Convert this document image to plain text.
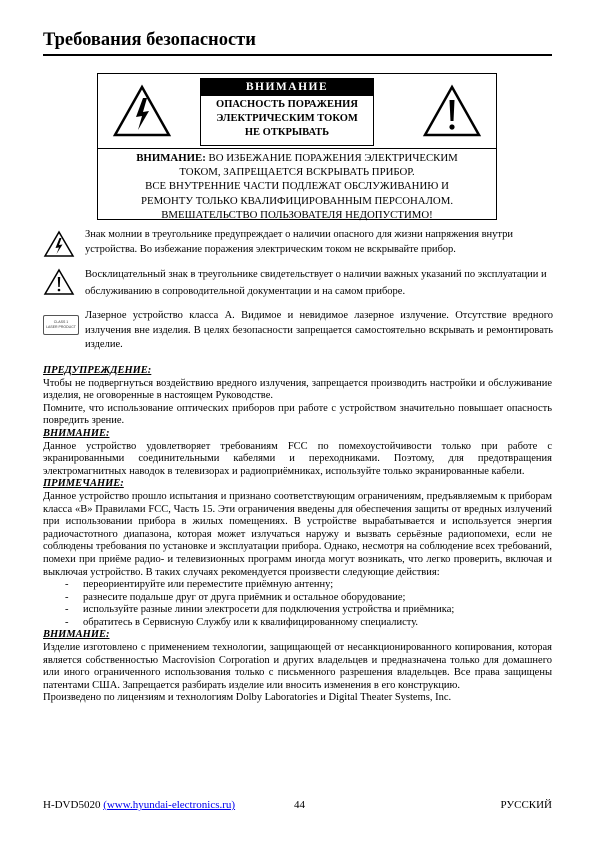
Требования безопасности
ВНИМАНИЕ
ОПАСНОСТЬ ПОРАЖЕНИЯ
ЭЛЕКТРИЧЕСКИМ ТОКОМ
НЕ ОТКРЫВАТЬ
ВНИМАНИЕ: ВО ИЗБЕЖАНИЕ ПОРАЖЕНИЯ ЭЛЕКТРИЧЕСКИМ
ТОКОМ, ЗАПРЕЩАЕТСЯ ВСКРЫВАТЬ ПРИБОР.
ВСЕ ВНУТРЕННИЕ ЧАСТИ ПОДЛЕЖАТ ОБСЛУЖИВАНИЮ И
РЕМОНТУ ТОЛЬКО КВАЛИФИЦИРОВАННЫМ ПЕРСОНАЛОМ.
ВМЕШАТЕЛЬСТВО ПОЛЬЗОВАТЕЛЯ НЕДОПУСТИМО!
Знак молнии в треугольнике предупреждает о наличии опасного для жизни напряжения внутри устройства. Во избежание поражения электрическим током не вскрывайте прибор.
Восклицательный знак в треугольнике свидетельствует о наличии важных указаний по эксплуатации и обслуживанию в сопроводительной документации и на самом приборе.
CLASS 1
LASER PRODUCT
Лазерное устройство класса А. Видимое и невидимое лазерное излучение. Отсутствие вредного излучения вне изделия. В целях безопасности запрещается самостоятельно вскрывать и ремонтировать изделие.

ПРЕДУПРЕЖДЕНИЕ:

Чтобы не подвергнуться воздействию вредного излучения, запрещается производить настройки и обслуживание изделия, не оговоренные в настоящем Руководстве.

Помните, что использование оптических приборов при работе с устройством значительно повышает опасность повредить зрение.

ВНИМАНИЕ:

Данное устройство удовлетворяет требованиям FCC по помехоустойчивости только при работе с экранированными соединительными кабелями и переходниками. Поэтому, для предотвращения электромагнитных наводок в телевизорах и радиоприёмниках, используйте только экранированные кабели.

ПРИМЕЧАНИЕ:

Данное устройство прошло испытания и признано соответствующим ограничениям, предъявляемым к приборам класса «B» Правилами FCC, Часть 15. Эти ограничения введены для обеспечения защиты от вредных излучений при использовании прибора в жилых помещениях. В устройстве вырабатывается и используется энергия радиочастотного диапазона, которая может излучаться наружу и вызвать серьёзные радиопомехи, если не соблюдены требования по установке и эксплуатации прибора. Однако, несмотря на соблюдение всех требований, помехи при приёме радио- и телевизионных программ иногда могут возникать, что легко проверить, включая и выключая устройство. В таких случаях рекомендуется произвести следующие действия:

- переориентируйте или переместите приёмную антенну;

- разнесите подальше друг от друга приёмник и остальное оборудование;

- используйте разные линии электросети для подключения устройства и приёмника;

- обратитесь в Сервисную Службу или к квалифицированному специалисту.

ВНИМАНИЕ:

Изделие изготовлено с применением технологии, защищающей от несанкционированного копирования, которая является собственностью Macrovision Corporation и других владельцев и предназначена только для домашнего или иного ограниченного использования только с письменного разрешения владельцев. Все права защищены патентами США. Запрещается разбирать изделие или вносить изменения в его конструкцию.

Произведено по лицензиям и технологиям Dolby Laboratories и Digital Theater Systems, Inc.

H-DVD5020 (www.hyundai-electronics.ru)	44	РУССКИЙ
